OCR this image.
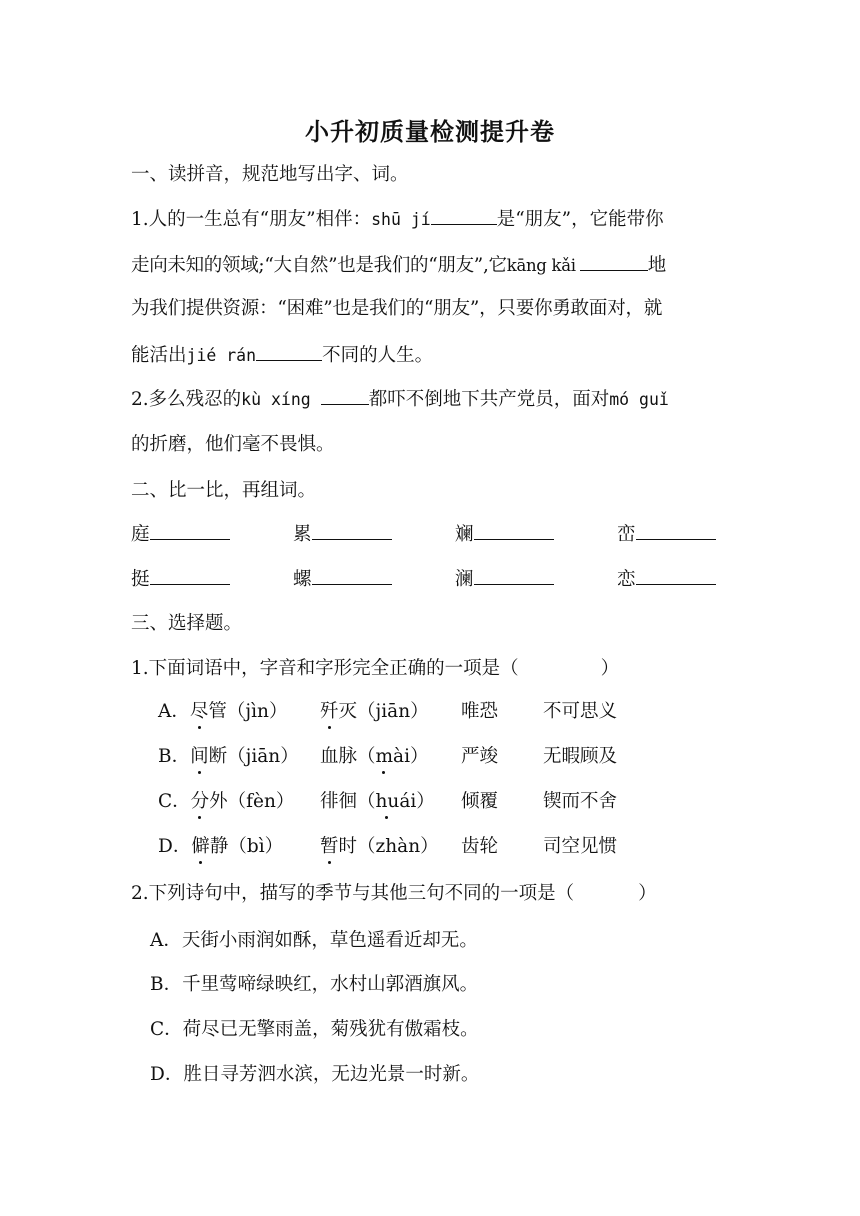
小升初质量检测提升卷
一、读拼音，规范地写出字、词。
1.人的一生总有“朋友”相伴：shū jí	是“朋友”，它能带你
走向未知的领域;“大自然”也是我们的“朋友”,它kāng kǎi	地
为我们提供资源：“困难”也是我们的“朋友”，只要你勇敢面对，就
能活出jié rán	不同的人生。
2.多么残忍的kù xíng	都吓不倒地下共产党员，面对mó guǐ
的折磨，他们毫不畏惧。
二、比一比，再组词。
庭	累	斓	峦
挺	螺	澜	恋
三、选择题。
1.下面词语中，字音和字形完全正确的一项是（	）
A．尽管（jìn） 歼灭（jiān） 唯恐 不可思义
B．间断（jiān） 血脉（mài） 严竣 无暇顾及
C．分外（fèn） 徘徊（huái） 倾覆 锲而不舍
D．僻静（bì） 暂时（zhàn） 齿轮 司空见惯
2.下列诗句中，描写的季节与其他三句不同的一项是（	）
A．天街小雨润如酥，草色遥看近却无。
B．千里莺啼绿映红，水村山郭酒旗风。
C．荷尽已无擎雨盖，菊残犹有傲霜枝。
D．胜日寻芳泗水滨，无边光景一时新。
